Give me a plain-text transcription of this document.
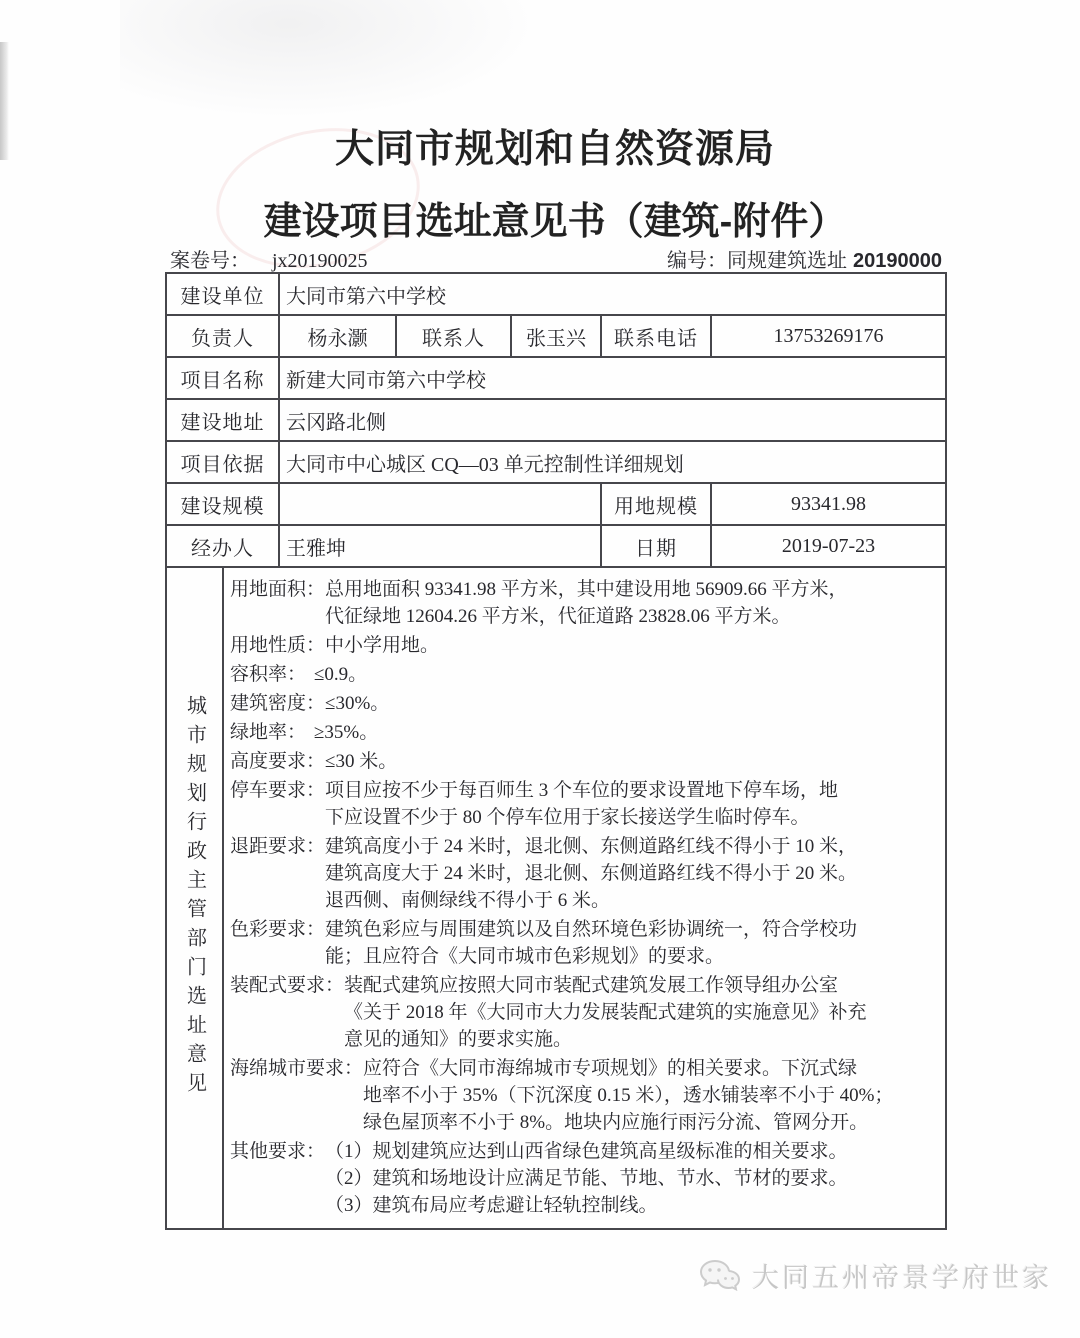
大同市规划和自然资源局
建设项目选址意见书（建筑-附件）
案卷号： jx20190025	编号： 同规建筑选址 20190000
建设单位		大同市第六中学校				
负责人		杨永灏	联系人	张玉兴	联系电话	13753269176
项目名称		新建大同市第六中学校				
建设地址		云冈路北侧				
项目依据		大同市中心城区 CQ—03 单元控制性详细规划				
建设规模					用地规模	93341.98
经办人		王雅坤			日期	2019-07-23

城市规划行政主管部门选址意见

用地面积： 总用地面积 93341.98 平方米，其中建设用地 56909.66 平方米，
代征绿地 12604.26 平方米，代征道路 23828.06 平方米。
用地性质： 中小学用地。
容积率： ≤0.9。
建筑密度： ≤30%。
绿地率： ≥35%。
高度要求： ≤30 米。
停车要求： 项目应按不少于每百师生 3 个车位的要求设置地下停车场，地
下应设置不少于 80 个停车位用于家长接送学生临时停车。
退距要求： 建筑高度小于 24 米时，退北侧、东侧道路红线不得小于 10 米，
建筑高度大于 24 米时，退北侧、东侧道路红线不得小于 20 米。
退西侧、南侧绿线不得小于 6 米。
色彩要求： 建筑色彩应与周围建筑以及自然环境色彩协调统一，符合学校功
能；且应符合《大同市城市色彩规划》的要求。
装配式要求： 装配式建筑应按照大同市装配式建筑发展工作领导组办公室
《关于 2018 年《大同市大力发展装配式建筑的实施意见》补充
意见的通知》的要求实施。
海绵城市要求： 应符合《大同市海绵城市专项规划》的相关要求。下沉式绿
地率不小于 35%（下沉深度 0.15 米），透水铺装率不小于 40%；
绿色屋顶率不小于 8%。地块内应施行雨污分流、管网分开。
其他要求： （1）规划建筑应达到山西省绿色建筑高星级标准的相关要求。
（2）建筑和场地设计应满足节能、节地、节水、节材的要求。
（3）建筑布局应考虑避让轻轨控制线。
大同五州帝景学府世家
